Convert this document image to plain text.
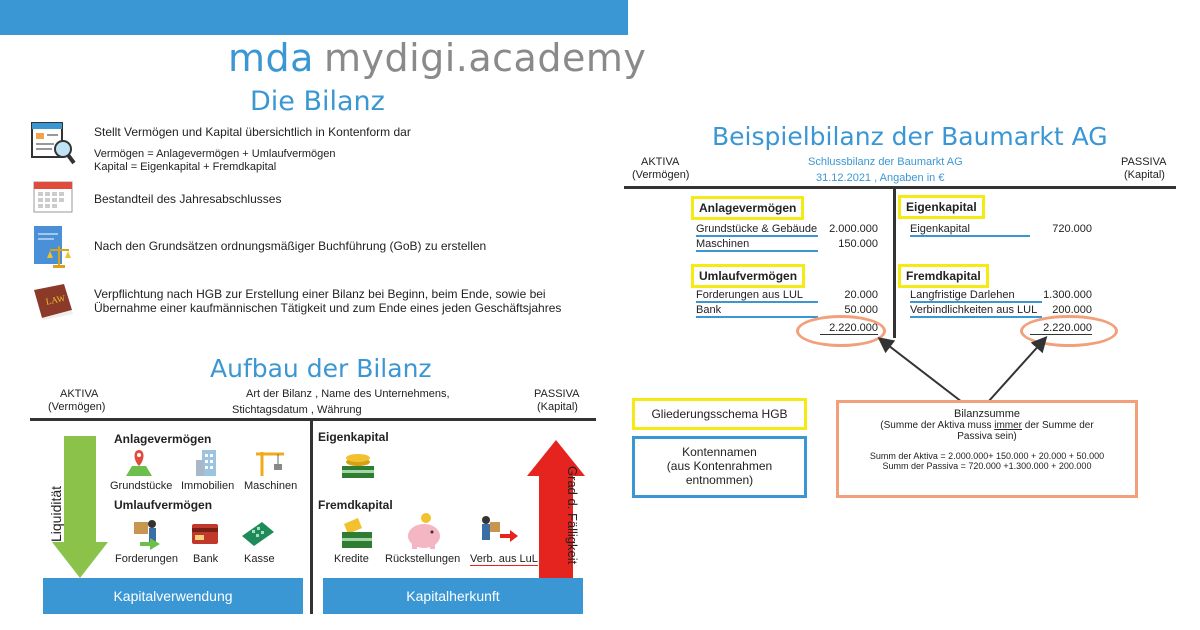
mda mydigi.academy
Die Bilanz
LAW
Stellt Vermögen und Kapital übersichtlich in Kontenform dar
Vermögen = Anlagevermögen + Umlaufvermögen
Kapital = Eigenkapital + Fremdkapital
Bestandteil des Jahresabschlusses
Nach den Grundsätzen ordnungsmäßiger Buchführung (GoB) zu erstellen
Verpflichtung nach HGB zur Erstellung einer Bilanz bei Beginn, beim Ende, sowie bei
Übernahme einer kaufmännischen Tätigkeit und zum Ende eines jeden Geschäftsjahres
Aufbau der Bilanz
AKTIVA
(Vermögen)
Art der Bilanz , Name des Unternehmens,
Stichtagsdatum , Währung
PASSIVA
(Kapital)
Liquidität	Grad d. Fälligkeit
Anlagevermögen
Grundstücke Immobilien Maschinen
Umlaufvermögen
Forderungen Bank Kasse
Eigenkapital
Fremdkapital
Kredite Rückstellungen Verb. aus LuL
Kapitalverwendung	Kapitalherkunft
Beispielbilanz der Baumarkt AG
AKTIVA
(Vermögen)
Schlussbilanz der Baumarkt AG
31.12.2021 , Angaben in €
PASSIVA
(Kapital)
Anlagevermögen
Grundstücke & Gebäude	2.000.000
Maschinen	150.000
Umlaufvermögen
Forderungen aus LUL	20.000
Bank	50.000
2.220.000
Eigenkapital
Eigenkapital	720.000
Fremdkapital
Langfristige Darlehen	1.300.000
Verbindlichkeiten aus LUL	200.000
2.220.000
Gliederungsschema HGB
Kontennamen
(aus Kontenrahmen
entnommen)
Bilanzsumme
(Summe der Aktiva muss immer der Summe der
Passiva sein)
Summ der Aktiva = 2.000.000+ 150.000 + 20.000 + 50.000
Summ der Passiva = 720.000 +1.300.000 + 200.000
